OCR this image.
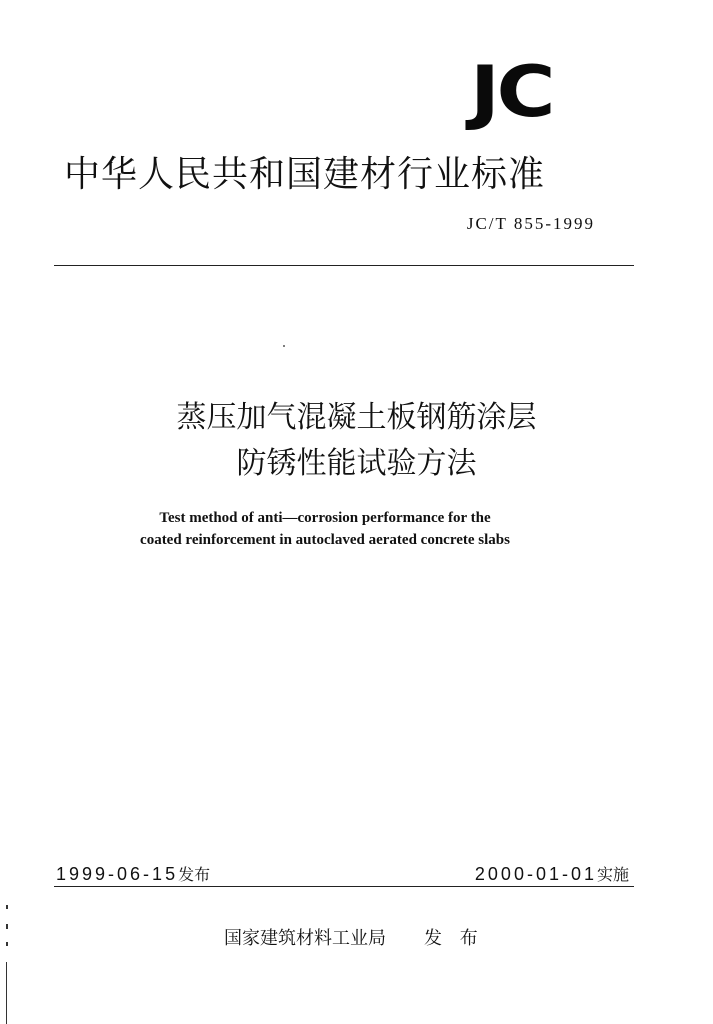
JC
中华人民共和国建材行业标准
JC/T 855-1999
蒸压加气混凝土板钢筋涂层
防锈性能试验方法
Test method of anti—corrosion performance for the
coated reinforcement in autoclaved aerated concrete slabs
1999-06-15发布	2000-01-01实施
国家建筑材料工业局 发 布
